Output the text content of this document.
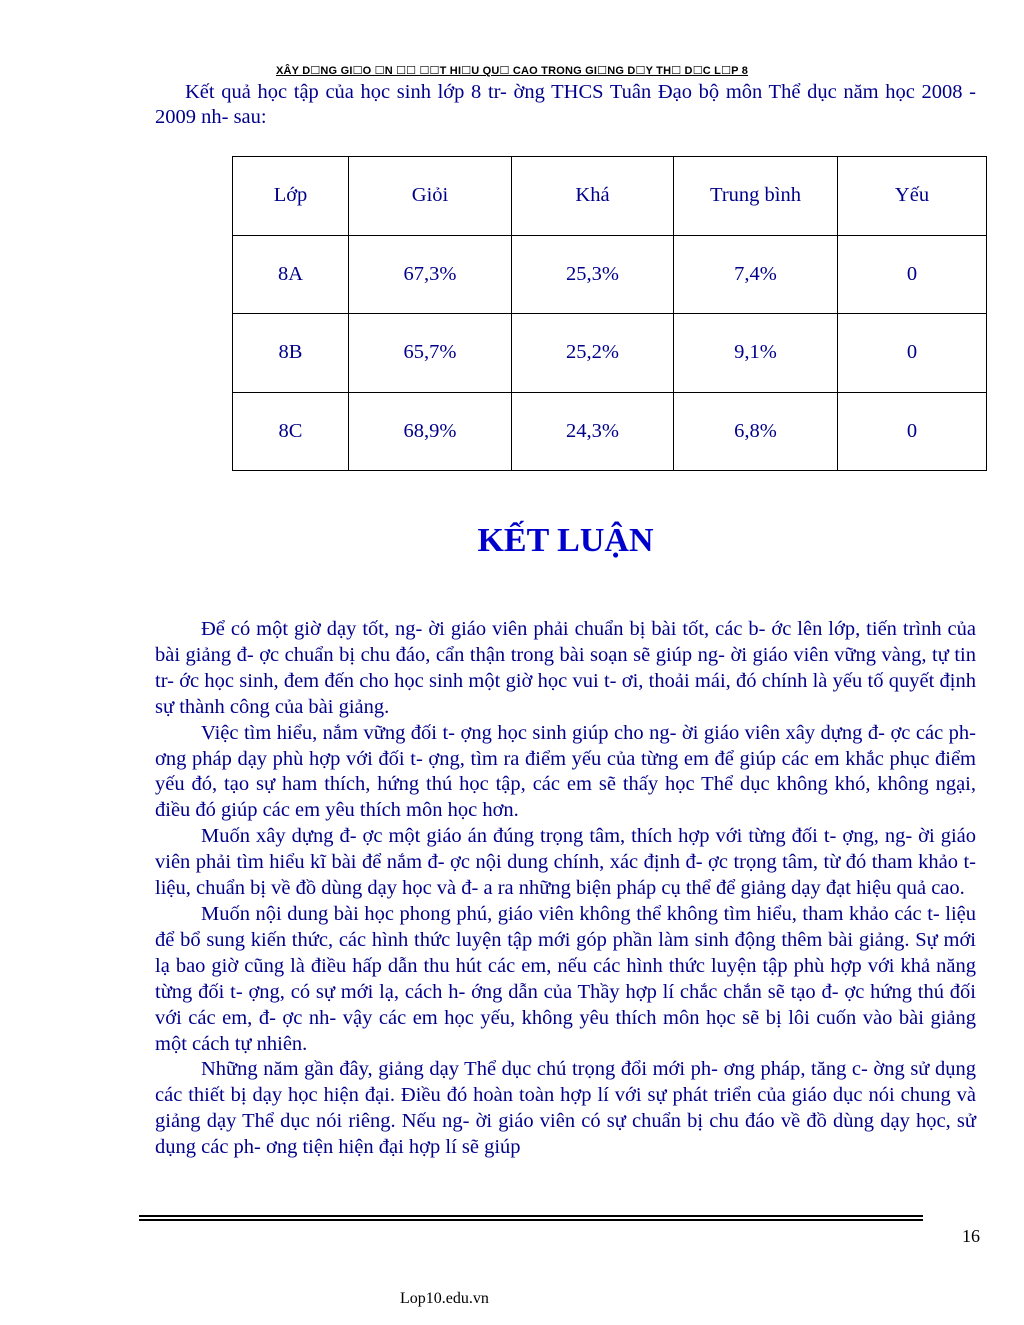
XÂY D☐NG GI☐O ☐N ☐☐ ☐☐T HI☐U QU☐ CAO TRONG GI☐NG D☐Y TH☐ D☐C L☐P 8
Kết quả học tập của học sinh lớp 8 tr- ờng THCS Tuân Đạo bộ môn Thể dục năm học 2008 - 2009 nh- sau:
Lớp	Giỏi	Khá	Trung bình	Yếu
8A	67,3%	25,3%	7,4%	0
8B	65,7%	25,2%	9,1%	0
8C	68,9%	24,3%	6,8%	0
KẾT LUẬN

Để có một giờ dạy tốt, ng- ời giáo viên phải chuẩn bị bài tốt, các b- ớc lên lớp, tiến trình của bài giảng đ- ợc chuẩn bị chu đáo, cẩn thận trong bài soạn sẽ giúp ng- ời giáo viên vững vàng, tự tin tr- ớc học sinh, đem đến cho học sinh một giờ học vui t- ơi, thoải mái, đó chính là yếu tố quyết định sự thành công của bài giảng.

Việc tìm hiểu, nắm vững đối t- ợng học sinh giúp cho ng- ời giáo viên xây dựng đ- ợc các ph- ơng pháp dạy phù hợp với đối t- ợng, tìm ra điểm yếu của từng em để giúp các em khắc phục điểm yếu đó, tạo sự ham thích, hứng thú học tập, các em sẽ thấy học Thể dục không khó, không ngại, điều đó giúp các em yêu thích môn học hơn.

Muốn xây dựng đ- ợc một giáo án đúng trọng tâm, thích hợp với từng đối t- ợng, ng- ời giáo viên phải tìm hiểu kĩ bài để nắm đ- ợc nội dung chính, xác định đ- ợc trọng tâm, từ đó tham khảo t- liệu, chuẩn bị về đồ dùng dạy học và đ- a ra những biện pháp cụ thể để giảng dạy đạt hiệu quả cao.

Muốn nội dung bài học phong phú, giáo viên không thể không tìm hiểu, tham khảo các t- liệu để bổ sung kiến thức, các hình thức luyện tập mới góp phần làm sinh động thêm bài giảng. Sự mới lạ bao giờ cũng là điều hấp dẫn thu hút các em, nếu các hình thức luyện tập phù hợp với khả năng từng đối t- ợng, có sự mới lạ, cách h- ớng dẫn của Thầy hợp lí chắc chắn sẽ tạo đ- ợc hứng thú đối với các em, đ- ợc nh- vậy các em học yếu, không yêu thích môn học sẽ bị lôi cuốn vào bài giảng một cách tự nhiên.

Những năm gần đây, giảng dạy Thể dục chú trọng đổi mới ph- ơng pháp, tăng c- ờng sử dụng các thiết bị dạy học hiện đại. Điều đó hoàn toàn hợp lí với sự phát triển của giáo dục nói chung và giảng dạy Thể dục nói riêng. Nếu ng- ời giáo viên có sự chuẩn bị chu đáo về đồ dùng dạy học, sử dụng các ph- ơng tiện hiện đại hợp lí sẽ giúp

16
Lop10.edu.vn
